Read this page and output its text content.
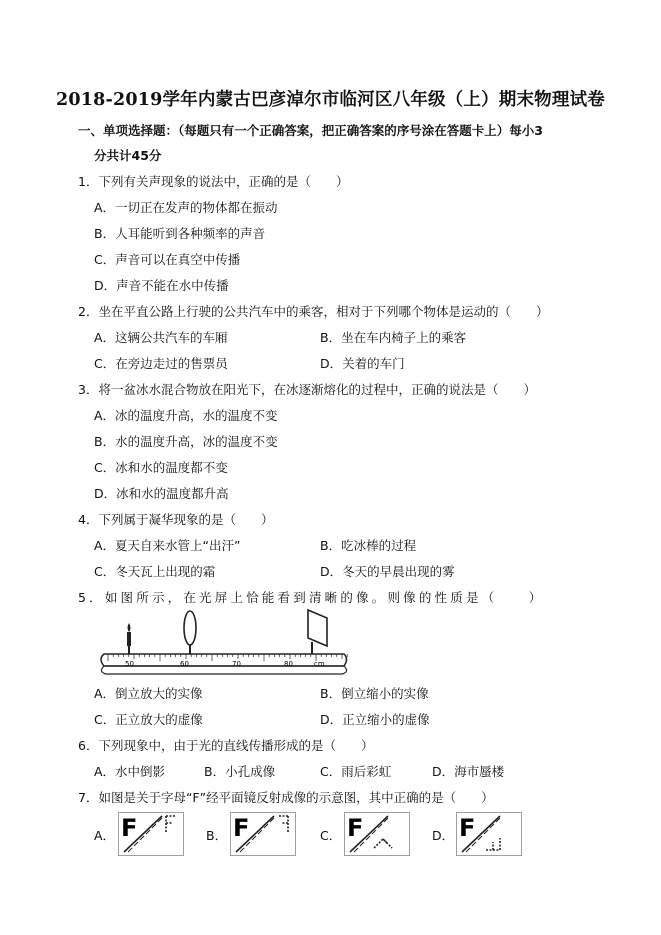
2018-2019学年内蒙古巴彦淖尔市临河区八年级（上）期末物理试卷
一、单项选择题：（每题只有一个正确答案，把正确答案的序号涂在答题卡上）每小3
分共计45分
1．下列有关声现象的说法中，正确的是（　　）
A．一切正在发声的物体都在振动
B．人耳能听到各种频率的声音
C．声音可以在真空中传播
D．声音不能在水中传播
2．坐在平直公路上行驶的公共汽车中的乘客，相对于下列哪个物体是运动的（　　）
A．这辆公共汽车的车厢	B．坐在车内椅子上的乘客
C．在旁边走过的售票员	D．关着的车门
3．将一盆冰水混合物放在阳光下，在冰逐渐熔化的过程中，正确的说法是（　　）
A．冰的温度升高，水的温度不变
B．水的温度升高，冰的温度不变
C．冰和水的温度都不变
D．冰和水的温度都升高
4．下列属于凝华现象的是（　　）
A．夏天自来水管上“出汗”	B．吃冰棒的过程
C．冬天瓦上出现的霜	D．冬天的早晨出现的雾
5．如图所示，在光屏上恰能看到清晰的像。则像的性质是（　　）
50	60	70	80	cm
A．倒立放大的实像	B．倒立缩小的实像
C．正立放大的虚像	D．正立缩小的虚像
6．下列现象中，由于光的直线传播形成的是（　　）
A．水中倒影	B．小孔成像	C．雨后彩虹	D．海市蜃楼
7．如图是关于字母“F”经平面镜反射成像的示意图，其中正确的是（　　）
A．	B．	C．	D．
F	F	F	F
